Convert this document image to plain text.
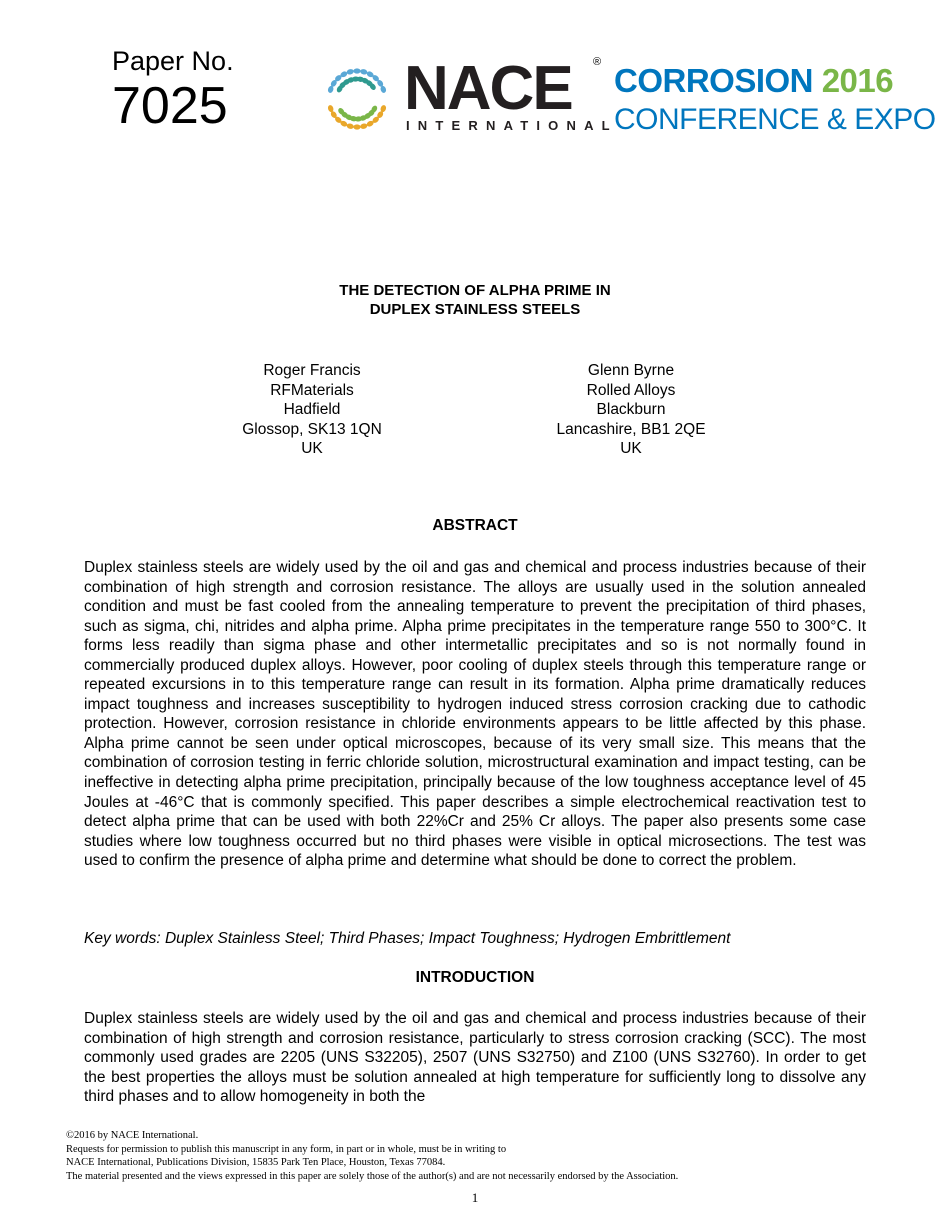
Paper No.
7025	NACE ®
INTERNATIONAL
CORROSION 2016
CONFERENCE & EXPO
THE DETECTION OF ALPHA PRIME IN
DUPLEX STAINLESS STEELS
Roger Francis
RFMaterials
Hadfield
Glossop, SK13 1QN
UK
Glenn Byrne
Rolled Alloys
Blackburn
Lancashire, BB1 2QE
UK
ABSTRACT
Duplex stainless steels are widely used by the oil and gas and chemical and process industries because of their combination of high strength and corrosion resistance. The alloys are usually used in the solution annealed condition and must be fast cooled from the annealing temperature to prevent the precipitation of third phases, such as sigma, chi, nitrides and alpha prime. Alpha prime precipitates in the temperature range 550 to 300°C. It forms less readily than sigma phase and other intermetallic precipitates and so is not normally found in commercially produced duplex alloys. However, poor cooling of duplex steels through this temperature range or repeated excursions in to this temperature range can result in its formation. Alpha prime dramatically reduces impact toughness and increases susceptibility to hydrogen induced stress corrosion cracking due to cathodic protection. However, corrosion resistance in chloride environments appears to be little affected by this phase. Alpha prime cannot be seen under optical microscopes, because of its very small size. This means that the combination of corrosion testing in ferric chloride solution, microstructural examination and impact testing, can be ineffective in detecting alpha prime precipitation, principally because of the low toughness acceptance level of 45 Joules at -46°C that is commonly specified. This paper describes a simple electrochemical reactivation test to detect alpha prime that can be used with both 22%Cr and 25% Cr alloys. The paper also presents some case studies where low toughness occurred but no third phases were visible in optical microsections. The test was used to confirm the presence of alpha prime and determine what should be done to correct the problem.
Key words: Duplex Stainless Steel; Third Phases; Impact Toughness; Hydrogen Embrittlement
INTRODUCTION
Duplex stainless steels are widely used by the oil and gas and chemical and process industries because of their combination of high strength and corrosion resistance, particularly to stress corrosion cracking (SCC). The most commonly used grades are 2205 (UNS S32205), 2507 (UNS S32750) and Z100 (UNS S32760). In order to get the best properties the alloys must be solution annealed at high temperature for sufficiently long to dissolve any third phases and to allow homogeneity in both the
©2016 by NACE International.
Requests for permission to publish this manuscript in any form, in part or in whole, must be in writing to
NACE International, Publications Division, 15835 Park Ten Place, Houston, Texas 77084.
The material presented and the views expressed in this paper are solely those of the author(s) and are not necessarily endorsed by the Association.
1
